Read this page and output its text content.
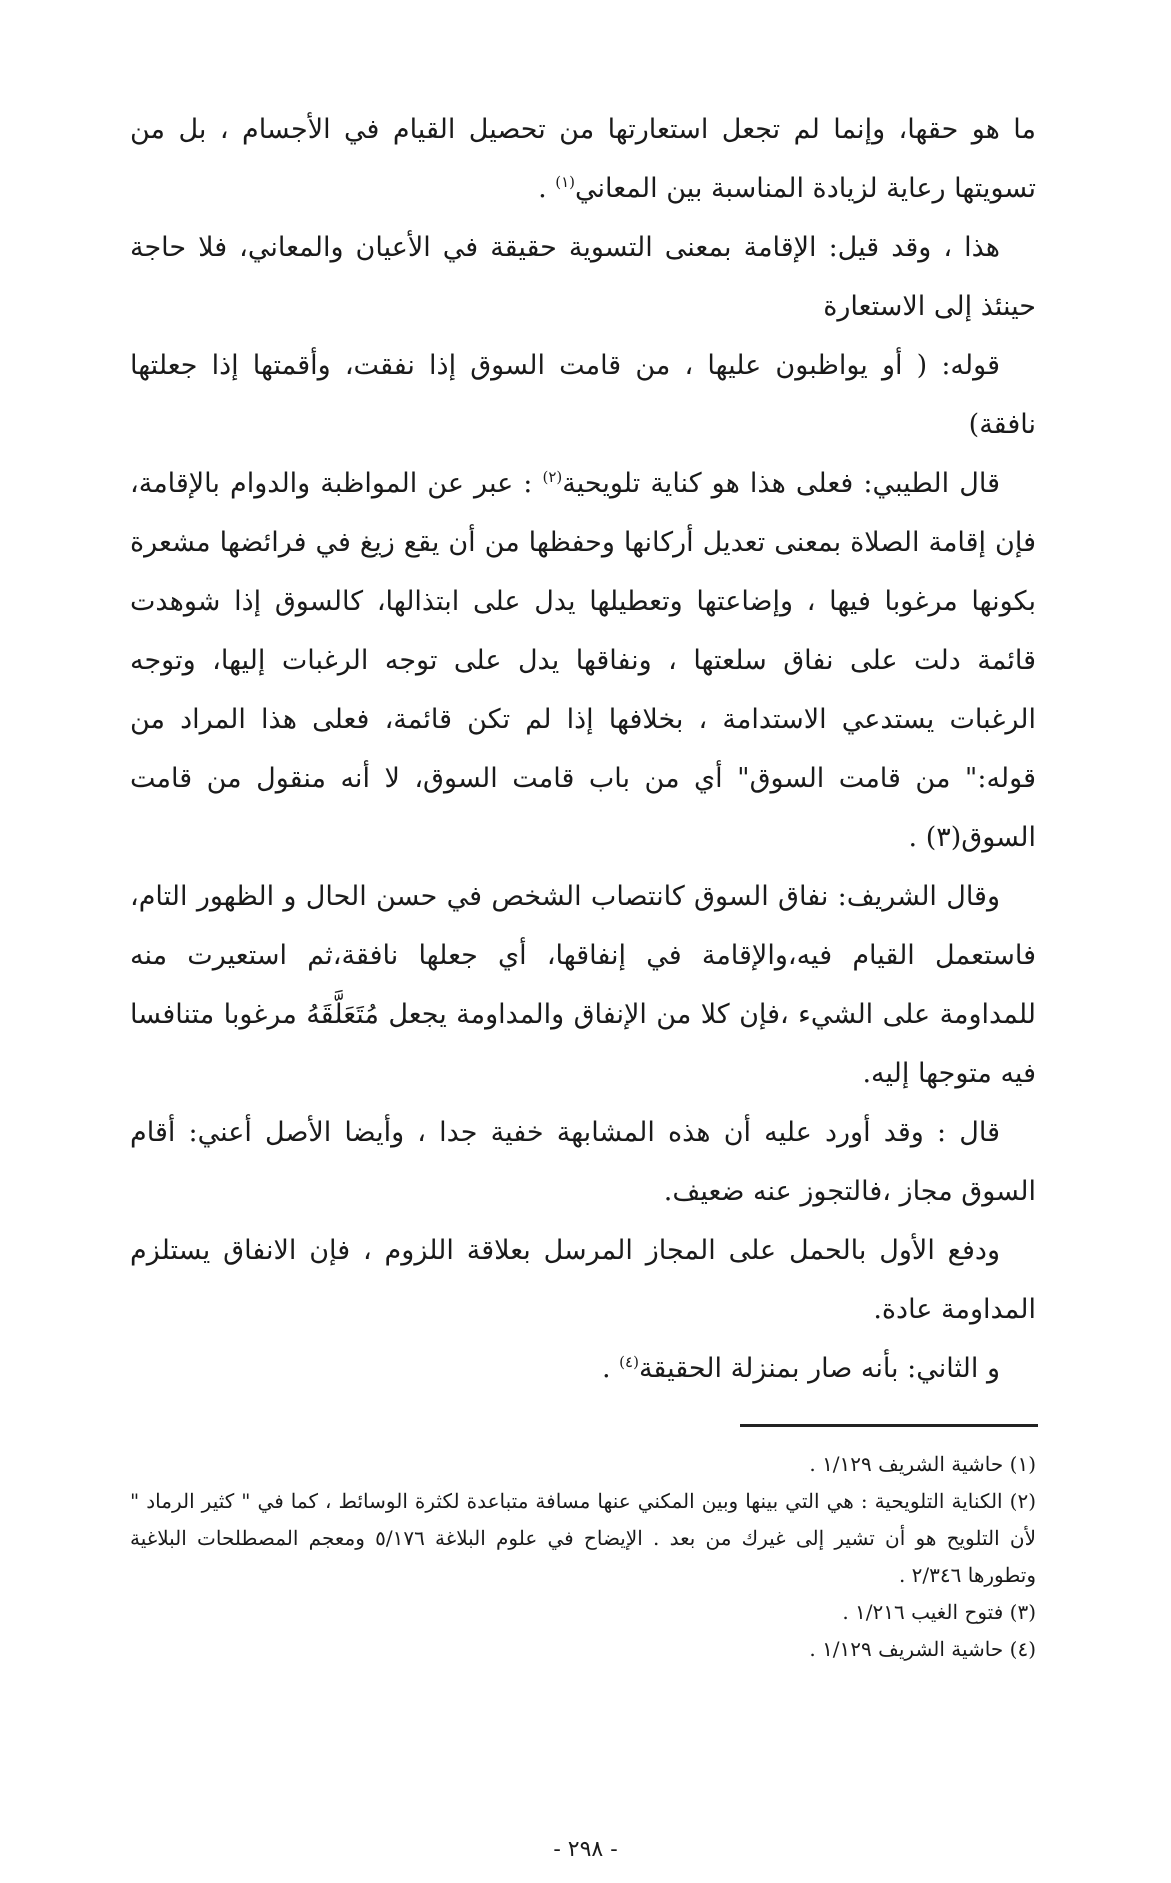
ما هو حقها، وإنما لم تجعل استعارتها من تحصيل القيام في الأجسام ، بل من تسويتها رعاية لزيادة المناسبة بين المعاني$^{(١)}$ .

هذا ، وقد قيل: الإقامة بمعنى التسوية حقيقة في الأعيان والمعاني، فلا حاجة حينئذ إلى الاستعارة

قوله: ( أو يواظبون عليها ، من قامت السوق إذا نفقت، وأقمتها إذا جعلتها نافقة)

قال الطيبي: فعلى هذا هو كناية تلويحية$^{(٢)}$ : عبر عن المواظبة والدوام بالإقامة، فإن إقامة الصلاة بمعنى تعديل أركانها وحفظها من أن يقع زيغ في فرائضها مشعرة بكونها مرغوبا فيها ، وإضاعتها وتعطيلها يدل على ابتذالها، كالسوق إذا شوهدت قائمة دلت على نفاق سلعتها ، ونفاقها يدل على توجه الرغبات إليها، وتوجه الرغبات يستدعي الاستدامة ، بخلافها إذا لم تكن قائمة، فعلى هذا المراد من قوله:" من قامت السوق" أي من باب قامت السوق، لا أنه منقول من قامت السوق(٣) .

وقال الشريف: نفاق السوق كانتصاب الشخص في حسن الحال و الظهور التام، فاستعمل القيام فيه،والإقامة في إنفاقها، أي جعلها نافقة،ثم استعيرت منه للمداومة على الشيء ،فإن كلا من الإنفاق والمداومة يجعل مُتَعَلَّقَهُ مرغوبا متنافسا فيه متوجها إليه.

قال : وقد أورد عليه أن هذه المشابهة خفية جدا ، وأيضا الأصل أعني: أقام السوق مجاز ،فالتجوز عنه ضعيف.

ودفع الأول بالحمل على المجاز المرسل بعلاقة اللزوم ، فإن الانفاق يستلزم المداومة عادة.

و الثاني: بأنه صار بمنزلة الحقيقة$^{(٤)}$ .

(١) حاشية الشريف ١/١٢٩ .

(٢) الكناية التلويحية : هي التي بينها وبين المكني عنها مسافة متباعدة لكثرة الوسائط ، كما في " كثير الرماد " لأن التلويح هو أن تشير إلى غيرك من بعد . الإيضاح في علوم البلاغة ٥/١٧٦ ومعجم المصطلحات البلاغية وتطورها ٢/٣٤٦ .

(٣) فتوح الغيب ١/٢١٦ .

(٤) حاشية الشريف ١/١٢٩ .

- ٢٩٨ -
